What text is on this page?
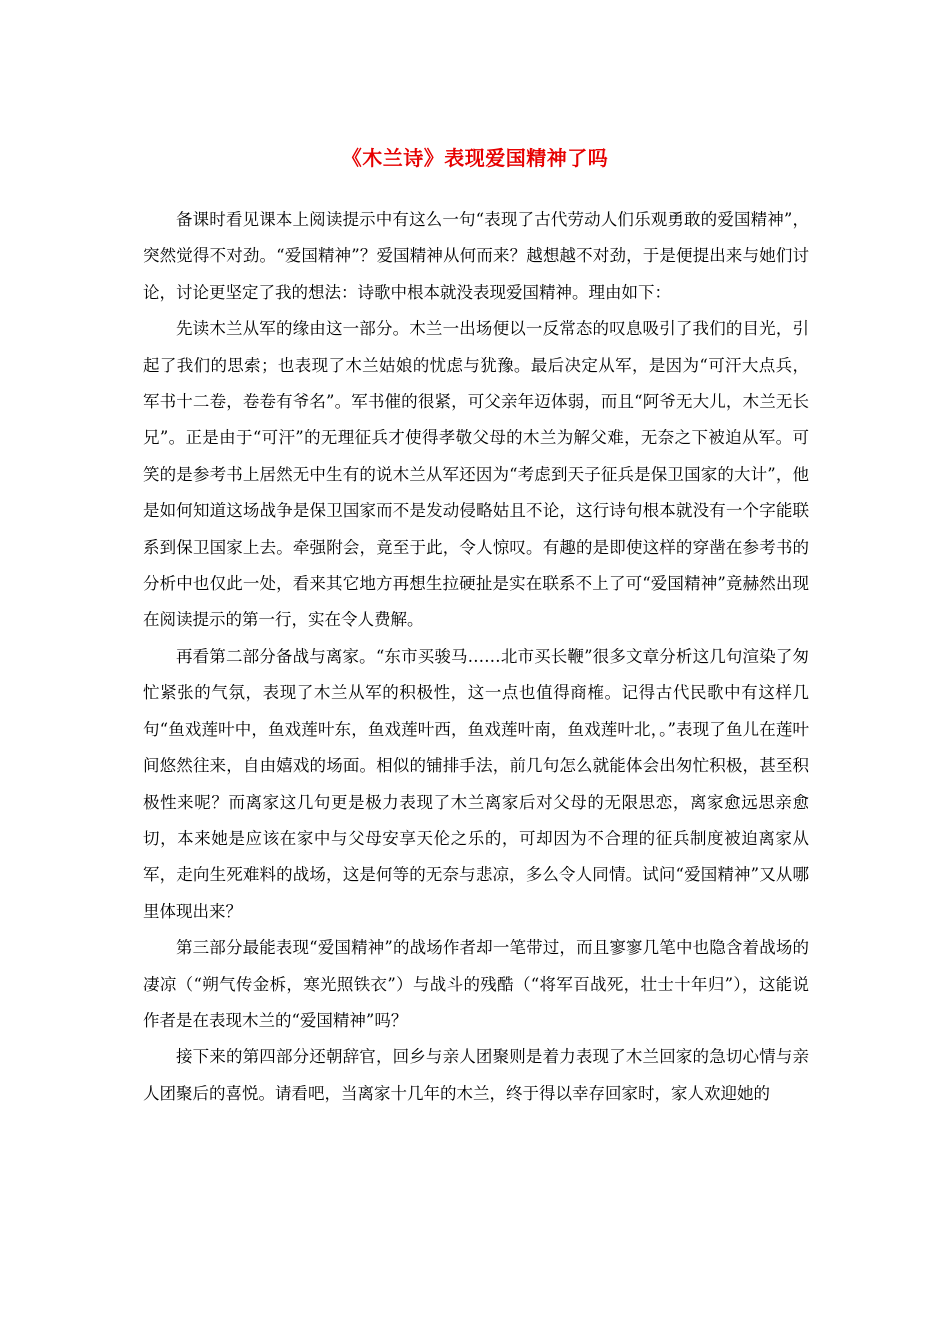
《木兰诗》表现爱国精神了吗

备课时看见课本上阅读提示中有这么一句“表现了古代劳动人们乐观勇敢的爱国精神”，突然觉得不对劲。“爱国精神”？爱国精神从何而来？越想越不对劲，于是便提出来与她们讨论，讨论更坚定了我的想法：诗歌中根本就没表现爱国精神。理由如下：

先读木兰从军的缘由这一部分。木兰一出场便以一反常态的叹息吸引了我们的目光，引起了我们的思索；也表现了木兰姑娘的忧虑与犹豫。最后决定从军，是因为“可汗大点兵，军书十二卷，卷卷有爷名”。军书催的很紧，可父亲年迈体弱，而且“阿爷无大儿，木兰无长兄”。正是由于“可汗”的无理征兵才使得孝敬父母的木兰为解父难，无奈之下被迫从军。可笑的是参考书上居然无中生有的说木兰从军还因为“考虑到天子征兵是保卫国家的大计”，他是如何知道这场战争是保卫国家而不是发动侵略姑且不论，这行诗句根本就没有一个字能联系到保卫国家上去。牵强附会，竟至于此，令人惊叹。有趣的是即使这样的穿凿在参考书的分析中也仅此一处，看来其它地方再想生拉硬扯是实在联系不上了可“爱国精神”竟赫然出现在阅读提示的第一行，实在令人费解。

再看第二部分备战与离家。“东市买骏马……北市买长鞭”很多文章分析这几句渲染了匆忙紧张的气氛，表现了木兰从军的积极性，这一点也值得商榷。记得古代民歌中有这样几句“鱼戏莲叶中，鱼戏莲叶东，鱼戏莲叶西，鱼戏莲叶南，鱼戏莲叶北，。”表现了鱼儿在莲叶间悠然往来，自由嬉戏的场面。相似的铺排手法，前几句怎么就能体会出匆忙积极，甚至积极性来呢？而离家这几句更是极力表现了木兰离家后对父母的无限思恋，离家愈远思亲愈切，本来她是应该在家中与父母安享天伦之乐的，可却因为不合理的征兵制度被迫离家从军，走向生死难料的战场，这是何等的无奈与悲凉，多么令人同情。试问“爱国精神”又从哪里体现出来？

第三部分最能表现“爱国精神”的战场作者却一笔带过，而且寥寥几笔中也隐含着战场的凄凉（“朔气传金柝，寒光照铁衣”）与战斗的残酷（“将军百战死，壮士十年归”），这能说作者是在表现木兰的“爱国精神”吗？

接下来的第四部分还朝辞官，回乡与亲人团聚则是着力表现了木兰回家的急切心情与亲人团聚后的喜悦。请看吧，当离家十几年的木兰，终于得以幸存回家时，家人欢迎她的
